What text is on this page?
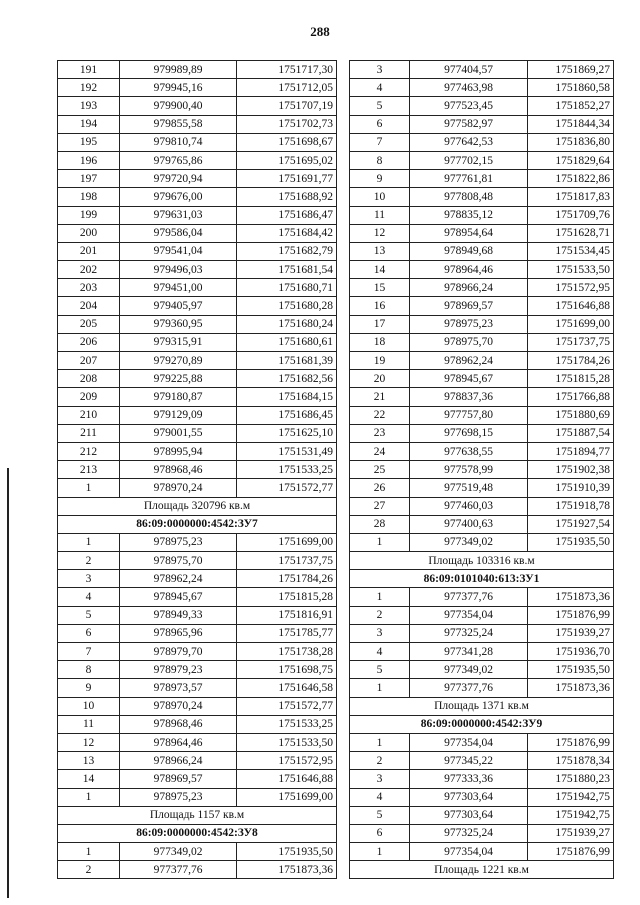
288
191	979989,89	1751717,30
192	979945,16	1751712,05
193	979900,40	1751707,19
194	979855,58	1751702,73
195	979810,74	1751698,67
196	979765,86	1751695,02
197	979720,94	1751691,77
198	979676,00	1751688,92
199	979631,03	1751686,47
200	979586,04	1751684,42
201	979541,04	1751682,79
202	979496,03	1751681,54
203	979451,00	1751680,71
204	979405,97	1751680,28
205	979360,95	1751680,24
206	979315,91	1751680,61
207	979270,89	1751681,39
208	979225,88	1751682,56
209	979180,87	1751684,15
210	979129,09	1751686,45
211	979001,55	1751625,10
212	978995,94	1751531,49
213	978968,46	1751533,25
1	978970,24	1751572,77
Площадь 320796 кв.м		
86:09:0000000:4542:ЗУ7		
1	978975,23	1751699,00
2	978975,70	1751737,75
3	978962,24	1751784,26
4	978945,67	1751815,28
5	978949,33	1751816,91
6	978965,96	1751785,77
7	978979,70	1751738,28
8	978979,23	1751698,75
9	978973,57	1751646,58
10	978970,24	1751572,77
11	978968,46	1751533,25
12	978964,46	1751533,50
13	978966,24	1751572,95
14	978969,57	1751646,88
1	978975,23	1751699,00
Площадь 1157 кв.м		
86:09:0000000:4542:ЗУ8		
1	977349,02	1751935,50
2	977377,76	1751873,36
3	977404,57	1751869,27
4	977463,98	1751860,58
5	977523,45	1751852,27
6	977582,97	1751844,34
7	977642,53	1751836,80
8	977702,15	1751829,64
9	977761,81	1751822,86
10	977808,48	1751817,83
11	978835,12	1751709,76
12	978954,64	1751628,71
13	978949,68	1751534,45
14	978964,46	1751533,50
15	978966,24	1751572,95
16	978969,57	1751646,88
17	978975,23	1751699,00
18	978975,70	1751737,75
19	978962,24	1751784,26
20	978945,67	1751815,28
21	978837,36	1751766,88
22	977757,80	1751880,69
23	977698,15	1751887,54
24	977638,55	1751894,77
25	977578,99	1751902,38
26	977519,48	1751910,39
27	977460,03	1751918,78
28	977400,63	1751927,54
1	977349,02	1751935,50
Площадь 103316 кв.м		
86:09:0101040:613:ЗУ1		
1	977377,76	1751873,36
2	977354,04	1751876,99
3	977325,24	1751939,27
4	977341,28	1751936,70
5	977349,02	1751935,50
1	977377,76	1751873,36
Площадь 1371 кв.м		
86:09:0000000:4542:ЗУ9		
1	977354,04	1751876,99
2	977345,22	1751878,34
3	977333,36	1751880,23
4	977303,64	1751942,75
5	977303,64	1751942,75
6	977325,24	1751939,27
1	977354,04	1751876,99
Площадь 1221 кв.м		
